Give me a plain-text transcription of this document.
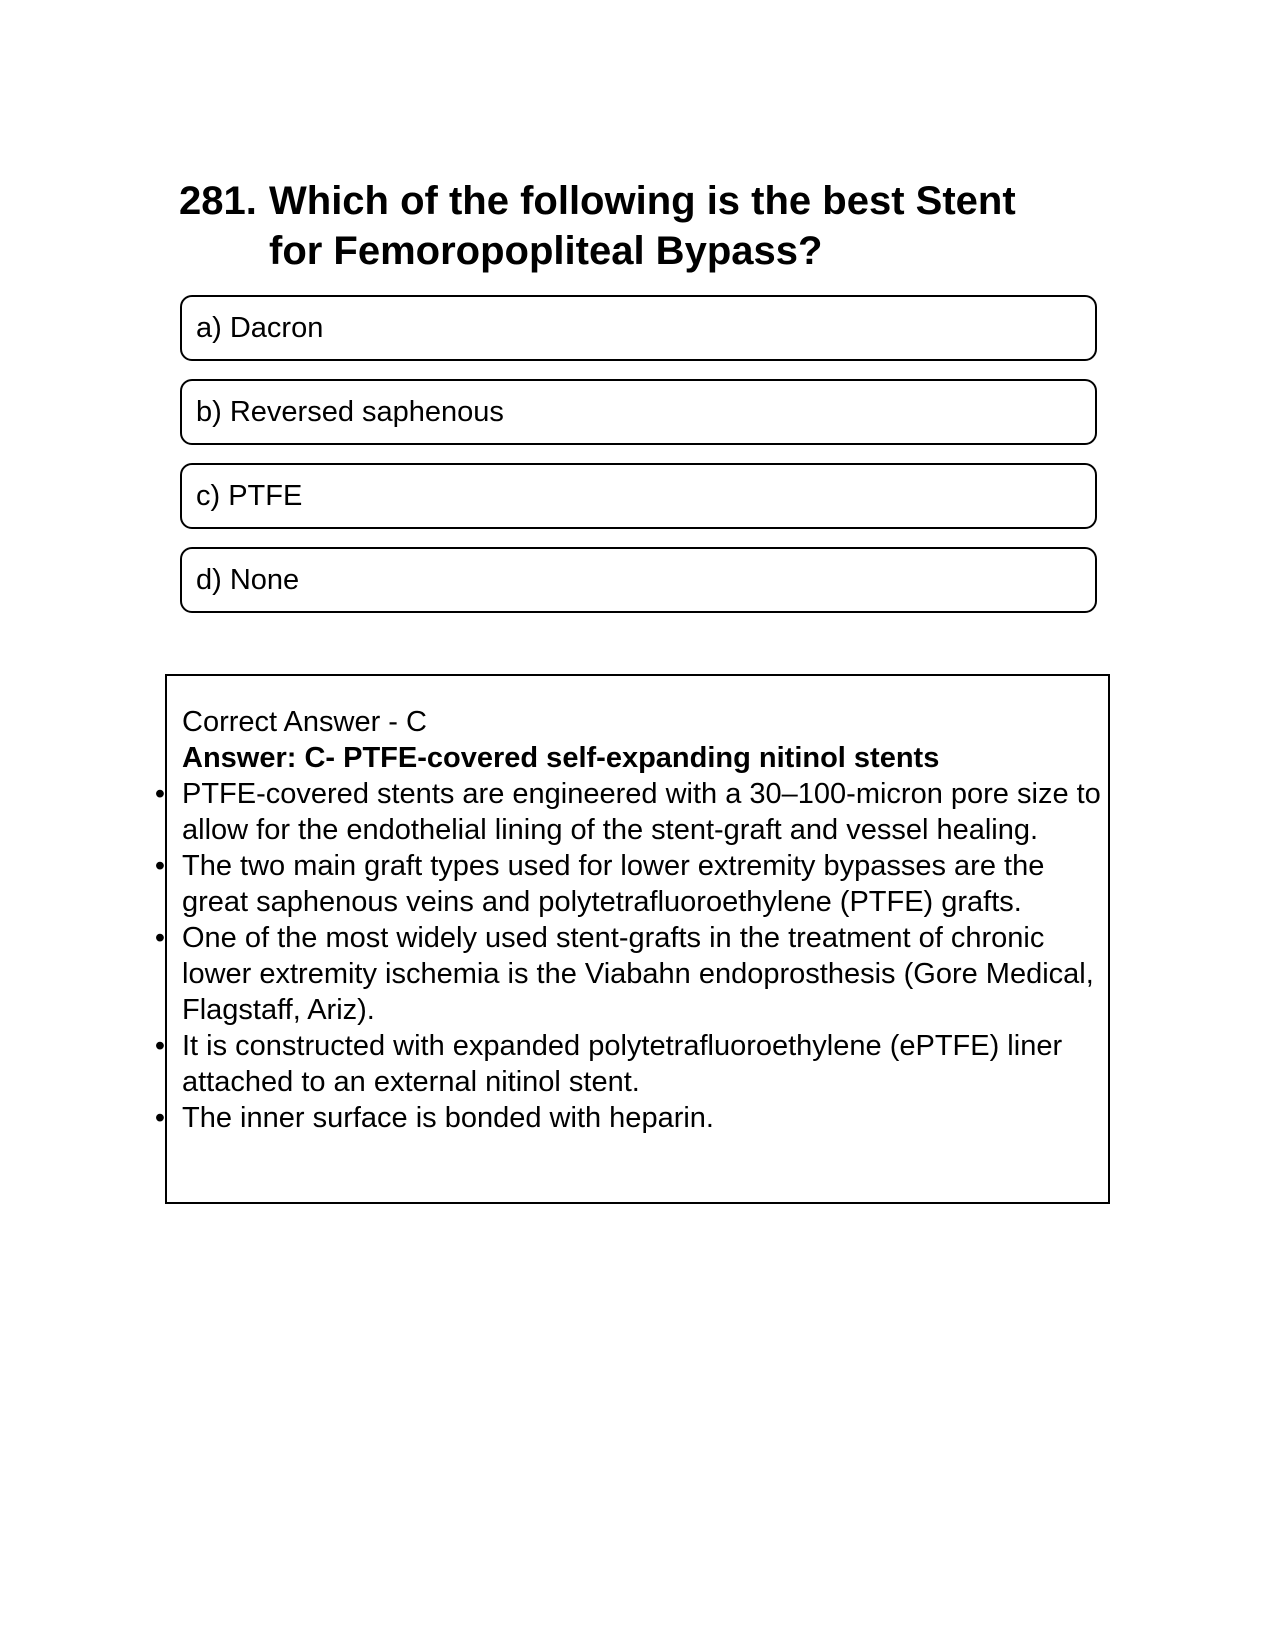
281. Which of the following is the best Stent for Femoropopliteal Bypass?
a) Dacron
b) Reversed saphenous
c) PTFE
d) None

Correct Answer - C

Answer: C- PTFE-covered self-expanding nitinol stents

• PTFE-covered stents are engineered with a 30–100-micron pore size to allow for the endothelial lining of the stent-graft and vessel healing.
• The two main graft types used for lower extremity bypasses are the great saphenous veins and polytetrafluoroethylene (PTFE) grafts.
• One of the most widely used stent-grafts in the treatment of chronic lower extremity ischemia is the Viabahn endoprosthesis (Gore Medical, Flagstaff, Ariz).
• It is constructed with expanded polytetrafluoroethylene (ePTFE) liner attached to an external nitinol stent.
• The inner surface is bonded with heparin.
